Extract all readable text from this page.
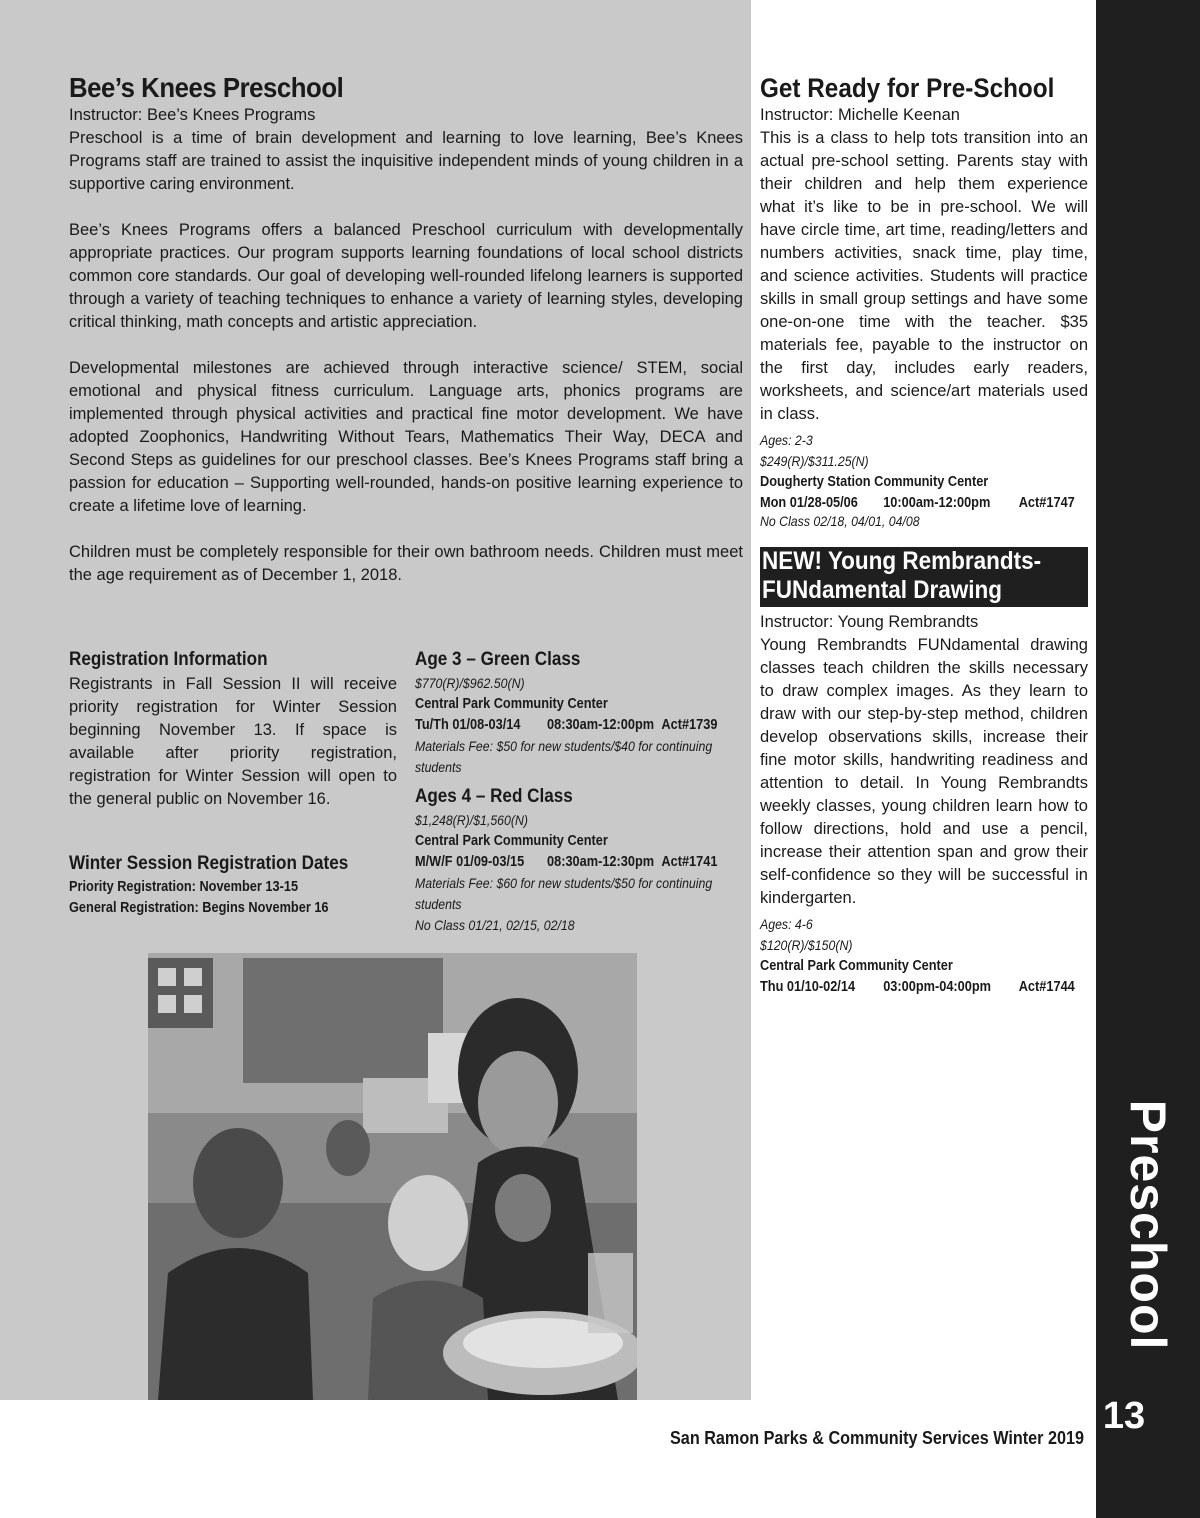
Bee’s Knees Preschool

Instructor: Bee’s Knees Programs

Preschool is a time of brain development and learning to love learning, Bee’s Knees Programs staff are trained to assist the inquisitive independent minds of young children in a supportive caring environment.

Bee’s Knees Programs offers a balanced Preschool curriculum with developmentally appropriate practices. Our program supports learning foundations of local school districts common core standards. Our goal of developing well-rounded lifelong learners is supported through a variety of teaching techniques to enhance a variety of learning styles, developing critical thinking, math concepts and artistic appreciation.

Developmental milestones are achieved through interactive science/ STEM, social emotional and physical fitness curriculum. Language arts, phonics programs are implemented through physical activities and practical fine motor development. We have adopted Zoophonics, Handwriting Without Tears, Mathematics Their Way, DECA and Second Steps as guidelines for our preschool classes. Bee’s Knees Programs staff bring a passion for education – Supporting well-rounded, hands-on positive learning experience to create a lifetime love of learning.

Children must be completely responsible for their own bathroom needs. Children must meet the age requirement as of December 1, 2018.

Registration Information

Registrants in Fall Session II will receive priority registration for Winter Session beginning November 13. If space is available after priority registration, registration for Winter Session will open to the general public on November 16.

Winter Session Registration Dates
Priority Registration: November 13-15
General Registration: Begins November 16
Age 3 – Green Class
$770(R)/$962.50(N)
Central Park Community Center
Tu/Th 01/08-03/14	08:30am-12:00pm Act#1739
Materials Fee: $50 for new students/$40 for continuing
students
Ages 4 – Red Class
$1,248(R)/$1,560(N)
Central Park Community Center
M/W/F 01/09-03/15	08:30am-12:30pm Act#1741
Materials Fee: $60 for new students/$50 for continuing
students
No Class 01/21, 02/15, 02/18
Get Ready for Pre-School

Instructor: Michelle Keenan

This is a class to help tots transition into an actual pre-school setting. Parents stay with their children and help them experience what it’s like to be in pre-school. We will have circle time, art time, reading/letters and numbers activities, snack time, play time, and science activities. Students will practice skills in small group settings and have some one-on-one time with the teacher. $35 materials fee, payable to the instructor on the first day, includes early readers, worksheets, and science/art materials used in class.

Ages: 2-3
$249(R)/$311.25(N)
Dougherty Station Community Center
Mon 01/28-05/06	10:00am-12:00pm	Act#1747
No Class 02/18, 04/01, 04/08
NEW! Young Rembrandts-
FUNdamental Drawing

Instructor: Young Rembrandts

Young Rembrandts FUNdamental drawing classes teach children the skills necessary to draw complex images. As they learn to draw with our step-by-step method, children develop observations skills, increase their fine motor skills, handwriting readiness and attention to detail. In Young Rembrandts weekly classes, young children learn how to follow directions, hold and use a pencil, increase their attention span and grow their self-confidence so they will be successful in kindergarten.

Ages: 4-6
$120(R)/$150(N)
Central Park Community Center
Thu 01/10-02/14	03:00pm-04:00pm	Act#1744
Preschool
13
San Ramon Parks & Community Services Winter 2019
